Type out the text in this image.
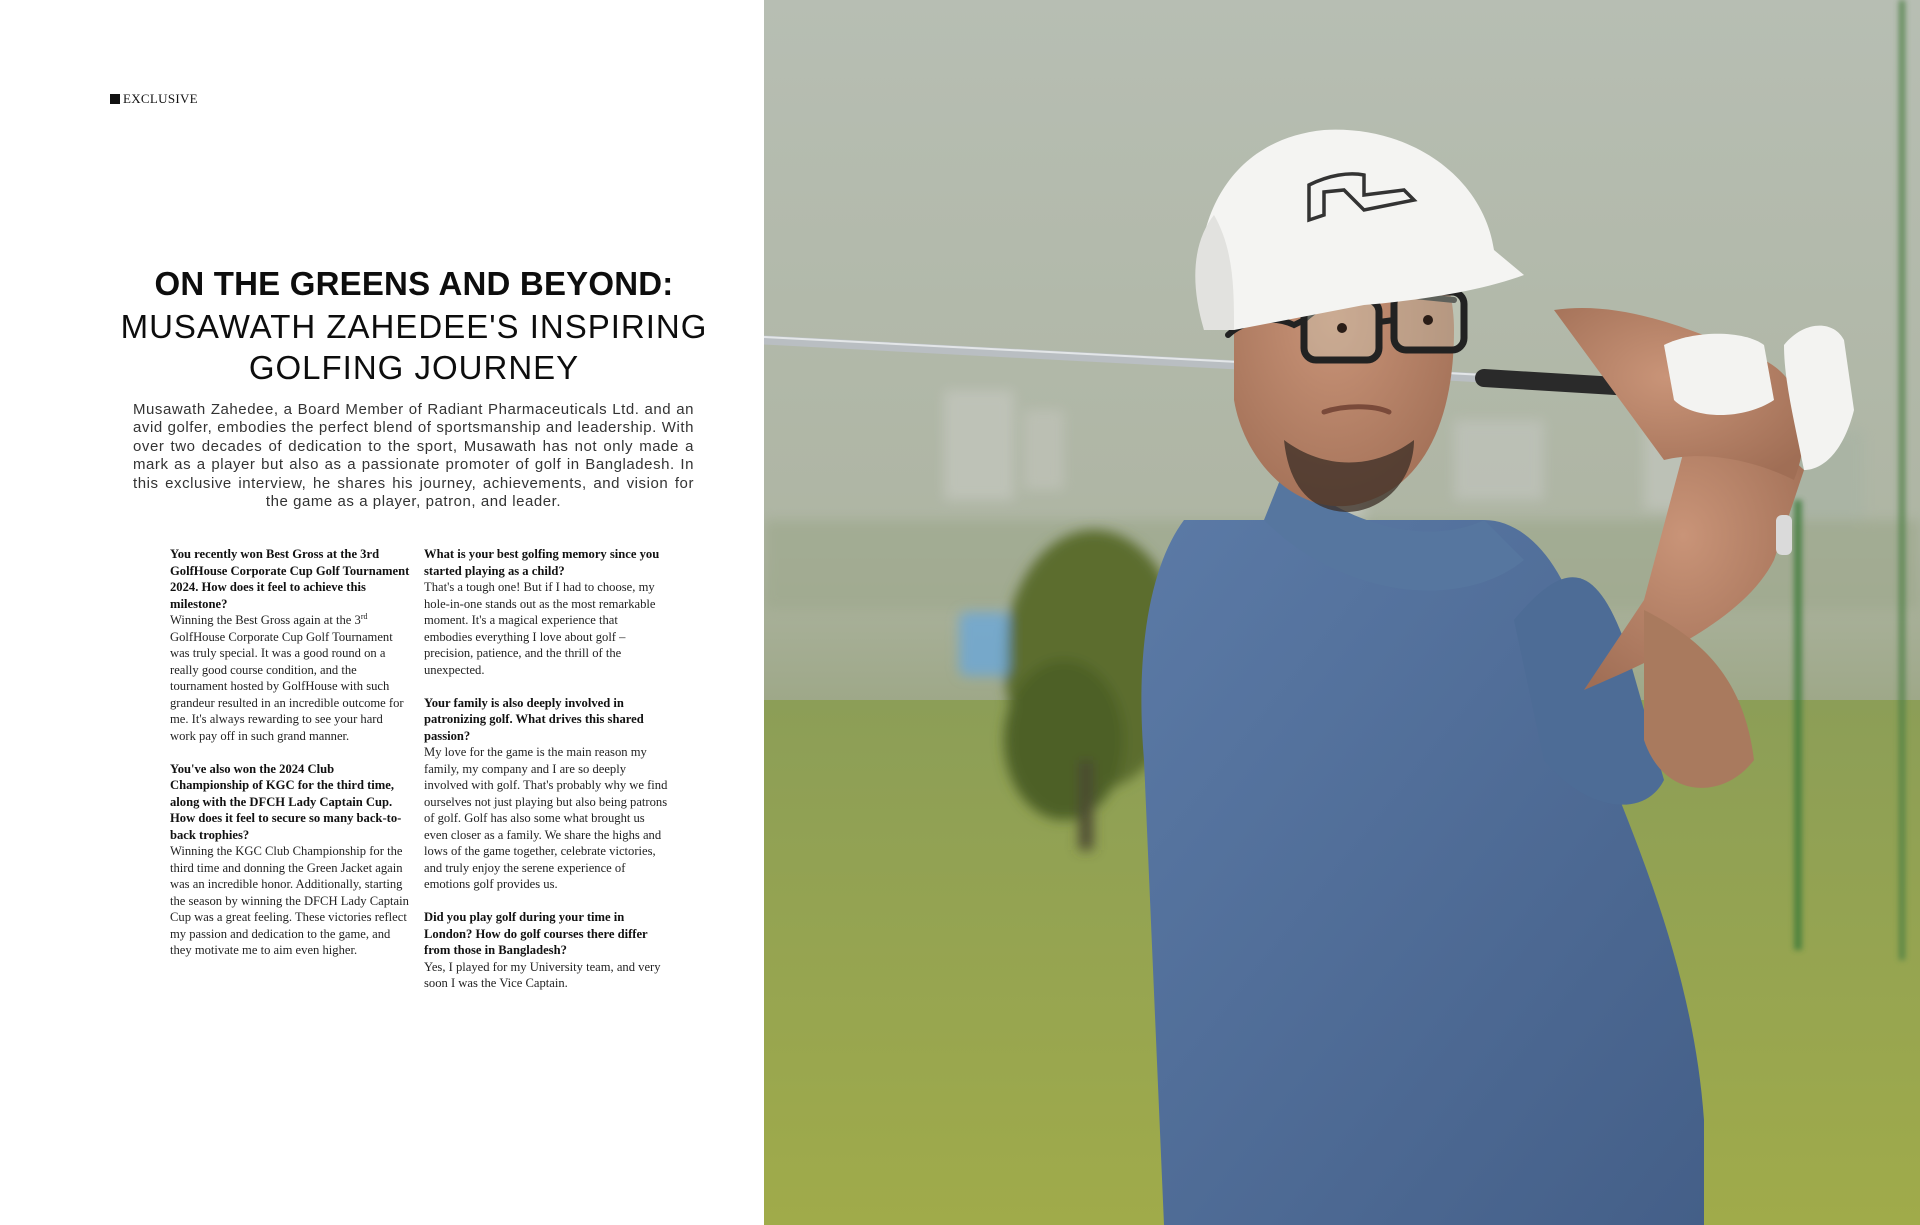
EXCLUSIVE
ON THE GREENS AND BEYOND:
MUSAWATH ZAHEDEE'S INSPIRING
GOLFING JOURNEY

Musawath Zahedee, a Board Member of Radiant Pharmaceuticals Ltd. and an avid golfer, embodies the perfect blend of sportsmanship and leadership. With over two decades of dedication to the sport, Musawath has not only made a mark as a player but also as a passionate promoter of golf in Bangladesh. In this exclusive interview, he shares his journey, achievements, and vision for the game as a player, patron, and leader.

You recently won Best Gross at the 3rd GolfHouse Corporate Cup Golf Tournament 2024. How does it feel to achieve this milestone?
Winning the Best Gross again at the 3rd GolfHouse Corporate Cup Golf Tournament was truly special. It was a good round on a really good course condition, and the tournament hosted by GolfHouse with such grandeur resulted in an incredible outcome for me. It's always rewarding to see your hard work pay off in such grand manner.
You've also won the 2024 Club Championship of KGC for the third time, along with the DFCH Lady Captain Cup. How does it feel to secure so many back-to-back trophies?
Winning the KGC Club Championship for the third time and donning the Green Jacket again was an incredible honor. Additionally, starting the season by winning the DFCH Lady Captain Cup was a great feeling. These victories reflect my passion and dedication to the game, and they motivate me to aim even higher.
What is your best golfing memory since you started playing as a child?
That's a tough one! But if I had to choose, my hole-in-one stands out as the most remarkable moment. It's a magical experience that embodies everything I love about golf – precision, patience, and the thrill of the unexpected.
Your family is also deeply involved in patronizing golf. What drives this shared passion?
My love for the game is the main reason my family, my company and I are so deeply involved with golf. That's probably why we find ourselves not just playing but also being patrons of golf. Golf has also some what brought us even closer as a family. We share the highs and lows of the game together, celebrate victories, and truly enjoy the serene experience of emotions golf provides us.
Did you play golf during your time in London? How do golf courses there differ from those in Bangladesh?
Yes, I played for my University team, and very soon I was the Vice Captain.
